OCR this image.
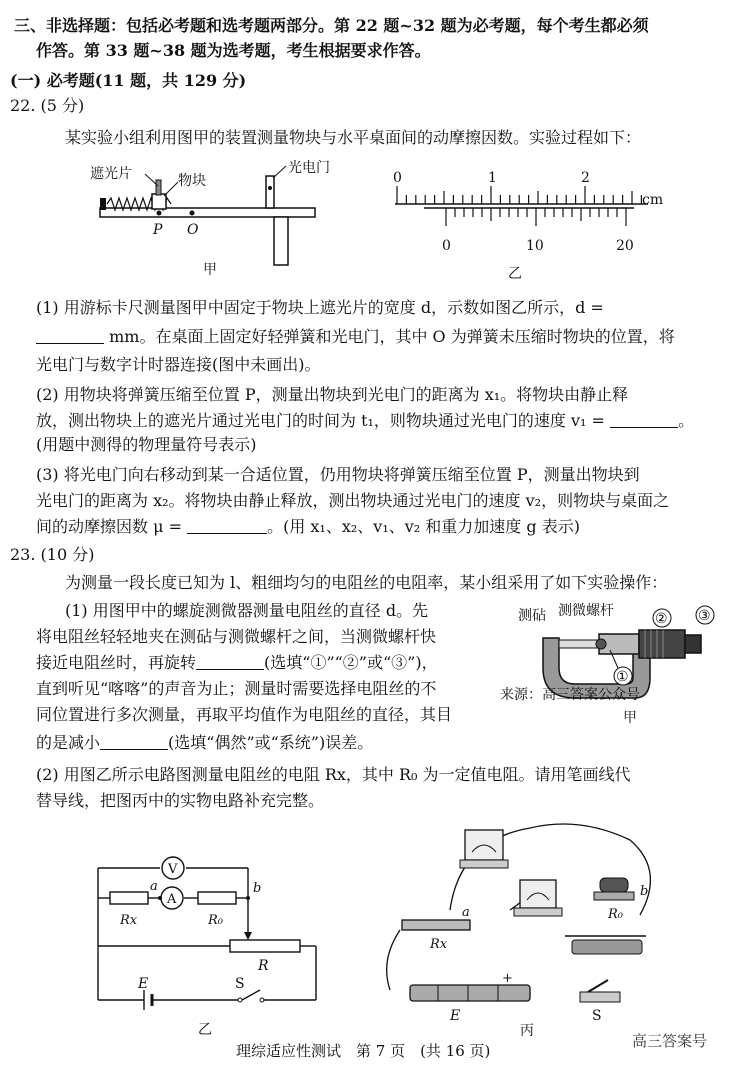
三、非选择题：包括必考题和选考题两部分。第 22 题~32 题为必考题，每个考生都必须
作答。第 33 题~38 题为选考题，考生根据要求作答。
(一) 必考题(11 题，共 129 分)
22. (5 分)
某实验小组利用图甲的装置测量物块与水平桌面间的动摩擦因数。实验过程如下：
遮光片	物块
光电门
P O
甲
0	1	2
cm
0	10	20
乙
(1) 用游标卡尺测量图甲中固定于物块上遮光片的宽度 d，示数如图乙所示，d =
mm。在桌面上固定好轻弹簧和光电门，其中 O 为弹簧未压缩时物块的位置，将
光电门与数字计时器连接(图中未画出)。
(2) 用物块将弹簧压缩至位置 P，测量出物块到光电门的距离为 x₁。将物块由静止释
放，测出物块上的遮光片通过光电门的时间为 t₁，则物块通过光电门的速度 v₁ =	。
(用题中测得的物理量符号表示)
(3) 将光电门向右移动到某一合适位置，仍用物块将弹簧压缩至位置 P，测量出物块到
光电门的距离为 x₂。将物块由静止释放，测出物块通过光电门的速度 v₂，则物块与桌面之
间的动摩擦因数 μ =	。(用 x₁、x₂、v₁、v₂ 和重力加速度 g 表示)
23. (10 分)
为测量一段长度已知为 l、粗细均匀的电阻丝的电阻率，某小组采用了如下实验操作：
(1) 用图甲中的螺旋测微器测量电阻丝的直径 d。先
将电阻丝轻轻地夹在测砧与测微螺杆之间，当测微螺杆快
接近电阻丝时，再旋转	(选填“①”“②”或“③”)，
直到听见“喀喀”的声音为止；测量时需要选择电阻丝的不
同位置进行多次测量，再取平均值作为电阻丝的直径，其目
的是减小	(选填“偶然”或“系统”)误差。
测砧 测微螺杆	② ③
①
来源：高三答案公众号
甲
(2) 用图乙所示电路图测量电阻丝的电阻 Rx，其中 R₀ 为一定值电阻。请用笔画线代
替导线，把图丙中的实物电路补充完整。
V
A
a	b
Rx	R₀
R
E	S
乙
b
a
Rx
R₀
+
E	S
丙
理综适应性测试　第 7 页　(共 16 页)
高三答案号
